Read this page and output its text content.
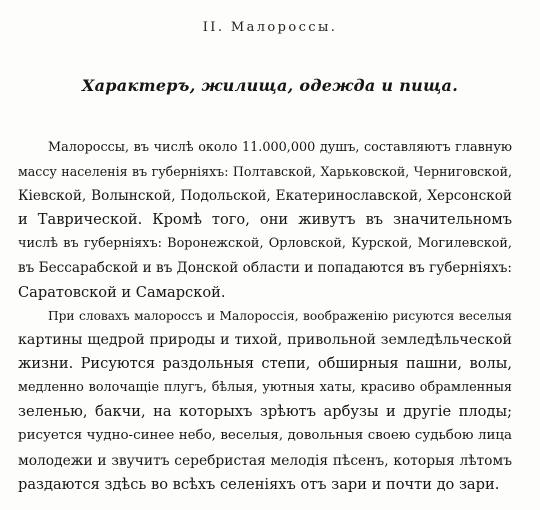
II. Малороссы.
Характеръ, жилища, одежда и пища.
Малороссы, въ числѣ около 11.000,000 душъ, составляютъ главную
массу населенія въ губерніяхъ: Полтавской, Харьковской, Черниговской,
Кіевской, Волынской, Подольской, Екатеринославской, Херсонской
и Таврической. Кромѣ того, они живутъ въ значительномъ
числѣ въ губерніяхъ: Воронежской, Орловской, Курской, Могилевской,
въ Бессарабской и въ Донской области и попадаются въ губерніяхъ:
Саратовской и Самарской.
При словахъ малороссъ и Малороссія, воображенію рисуются веселыя
картины щедрой природы и тихой, привольной земледѣльческой
жизни. Рисуются раздольныя степи, обширныя пашни, волы,
медленно волочащіе плугъ, бѣлыя, уютныя хаты, красиво обрамленныя
зеленью, бакчи, на которыхъ зрѣютъ арбузы и другіе плоды;
рисуется чудно-синее небо, веселыя, довольныя своею судьбою лица
молодежи и звучитъ серебристая мелодія пѣсенъ, которыя лѣтомъ
раздаются здѣсь во всѣхъ селеніяхъ отъ зари и почти до зари.
